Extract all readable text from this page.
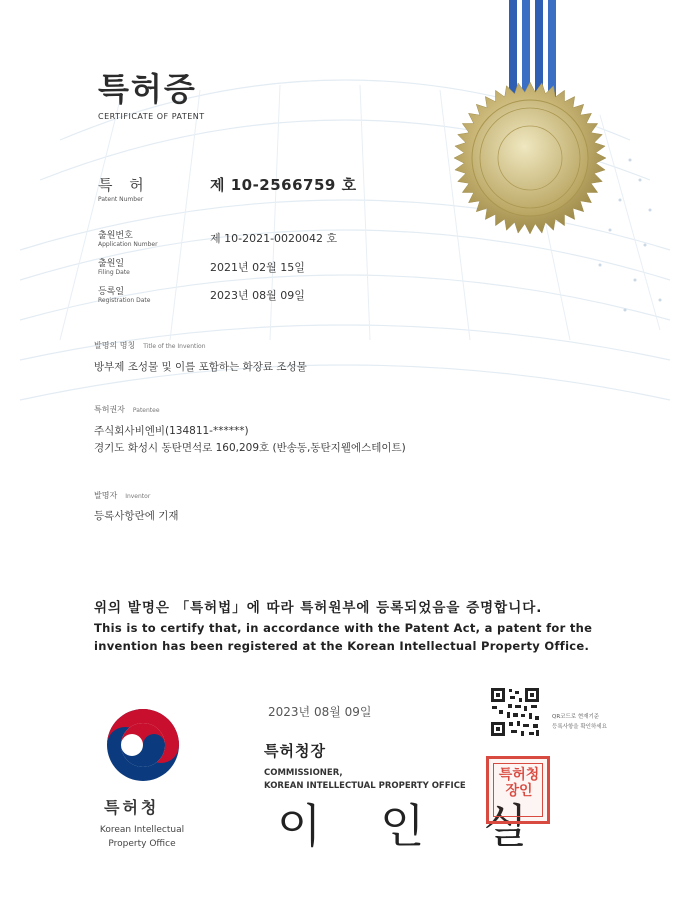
특허증
CERTIFICATE OF PATENT
특 허
Patent Number
제 10-2566759 호
출원번호
Application Number	제 10-2021-0020042 호
출원일
Filing Date	2021년 02월 15일
등록일
Registration Date	2023년 08월 09일
발명의 명칭 Title of the Invention
방부제 조성물 및 이를 포함하는 화장료 조성물
특허권자 Patentee
주식회사비엔비(134811-******)
경기도 화성시 동탄면석로 160,209호 (반송동,동탄지웰에스테이트)
발명자 Inventor
등록사항란에 기재
위의 발명은 「특허법」에 따라 특허원부에 등록되었음을 증명합니다.
This is to certify that, in accordance with the Patent Act, a patent for the
invention has been registered at the Korean Intellectual Property Office.
특허청
Korean Intellectual
Property Office
2023년 08월 09일
특허청장
COMMISSIONER,
KOREAN INTELLECTUAL PROPERTY OFFICE
이 인 실
QR코드로 현재기준
등록사항을 확인하세요
특허청장인
